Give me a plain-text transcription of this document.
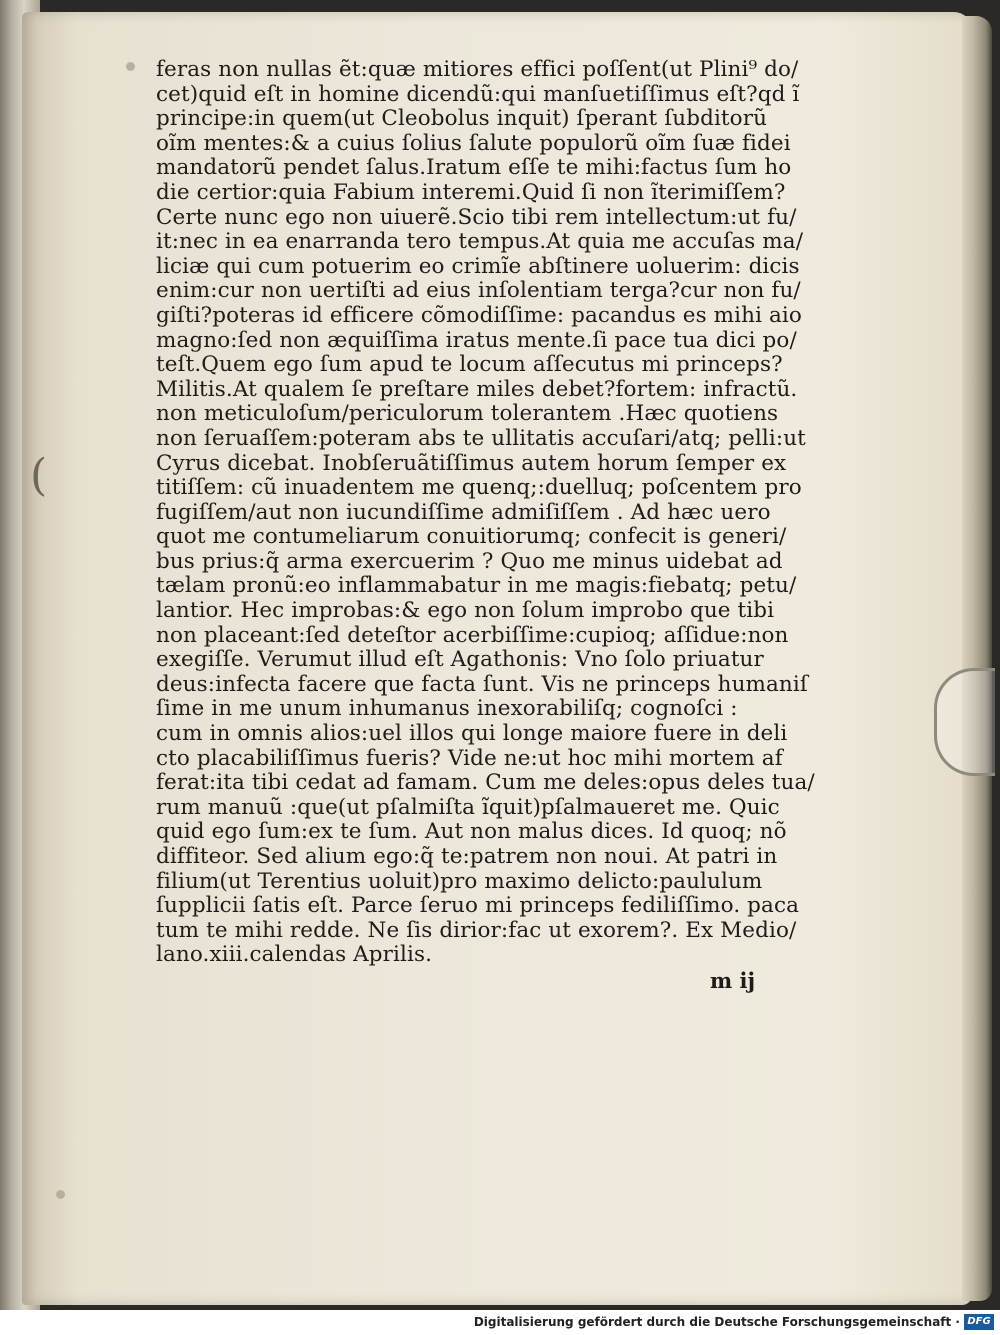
(
feras non nullas ẽt:quæ mitiores effici poſſent(ut Plini⁹ do/
cet)quid eſt in homine dicendũ:qui manſuetiſſimus eſt?qd ĩ
principe:in quem(ut Cleobolus inquit) ſperant ſubditorũ
oĩm mentes:& a cuius ſolius ſalute populorũ oĩm ſuæ fidei
mandatorũ pendet ſalus.Iratum eſſe te mihi:factus ſum ho
die certior:quia Fabium interemi.Quid ſi non ĩterimiſſem?
Certe nunc ego non uiuerẽ.Scio tibi rem intellectum:ut fu/
it:nec in ea enarranda tero tempus.At quia me accuſas ma/
liciæ qui cum potuerim eo crimĩe abſtinere uoluerim: dicis
enim:cur non uertiſti ad eius inſolentiam terga?cur non fu/
giſti?poteras id efficere cõmodiſſime: pacandus es mihi aio
magno:ſed non æquiſſima iratus mente.ſi pace tua dici po/
teſt.Quem ego ſum apud te locum aſſecutus mi princeps?
Militis.At qualem ſe preſtare miles debet?fortem: infractũ.
non meticuloſum/periculorum tolerantem .Hæc quotiens
non ſeruaſſem:poteram abs te ullitatis accuſari/atq; pelli:ut
Cyrus dicebat. Inobſeruãtiſſimus autem horum ſemper ex
titiſſem: cũ inuadentem me quenq;:duelluq; poſcentem pro
fugiſſem/aut non iucundiſſime admiſiſſem . Ad hæc uero
quot me contumeliarum conuitiorumq; confecit is generi/
bus prius:q̃ arma exercuerim ? Quo me minus uidebat ad
tælam pronũ:eo inflammabatur in me magis:fiebatq; petu/
lantior. Hec improbas:& ego non ſolum improbo que tibi
non placeant:ſed deteſtor acerbiſſime:cupioq; aſſidue:non
exegiſſe. Verumut illud eſt Agathonis: Vno ſolo priuatur
deus:infecta facere que facta ſunt. Vis ne princeps humaniſ
ſime in me unum inhumanus inexorabiliſq; cognoſci :
cum in omnis alios:uel illos qui longe maiore fuere in deli
cto placabiliſſimus fueris? Vide ne:ut hoc mihi mortem af
ferat:ita tibi cedat ad famam. Cum me deles:opus deles tua/
rum manuũ :que(ut pſalmiſta ĩquit)pſalmaueret me. Quic
quid ego ſum:ex te ſum. Aut non malus dices. Id quoq; nõ
diffiteor. Sed alium ego:q̃ te:patrem non noui. At patri in
filium(ut Terentius uoluit)pro maximo delicto:paululum
ſupplicii ſatis eſt. Parce ſeruo mi princeps fediliſſimo. paca
tum te mihi redde. Ne ſis dirior:fac ut exorem?. Ex Medio/
lano.xiii.calendas Aprilis.
m ij
Digitalisierung gefördert durch die Deutsche Forschungsgemeinschaft · DFG
